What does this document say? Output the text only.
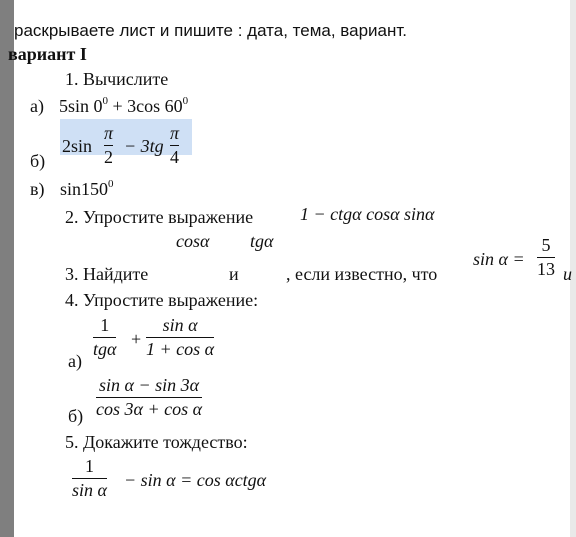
раскрываете лист и пишите : дата, тема, вариант.
вариант I
1. Вычислите
а) 5sin $0^0 + 3\cos$ $60^0$
б)
2sin
π
2
− 3tg
π
4
в) $\sin 150^0$
2. Упростите выражение	1 − ctgα cosα sinα
cosα tgα
3. Найдите	и	, если известно, что
sin α =
5
13 и
4. Упростите выражение:
а)
1
tgα +
sin α
1 + cos α
б)
sin α − sin 3α
cos 3α + cos α
5. Докажите тождество:
1
sin α − sin α = cos αctgα
